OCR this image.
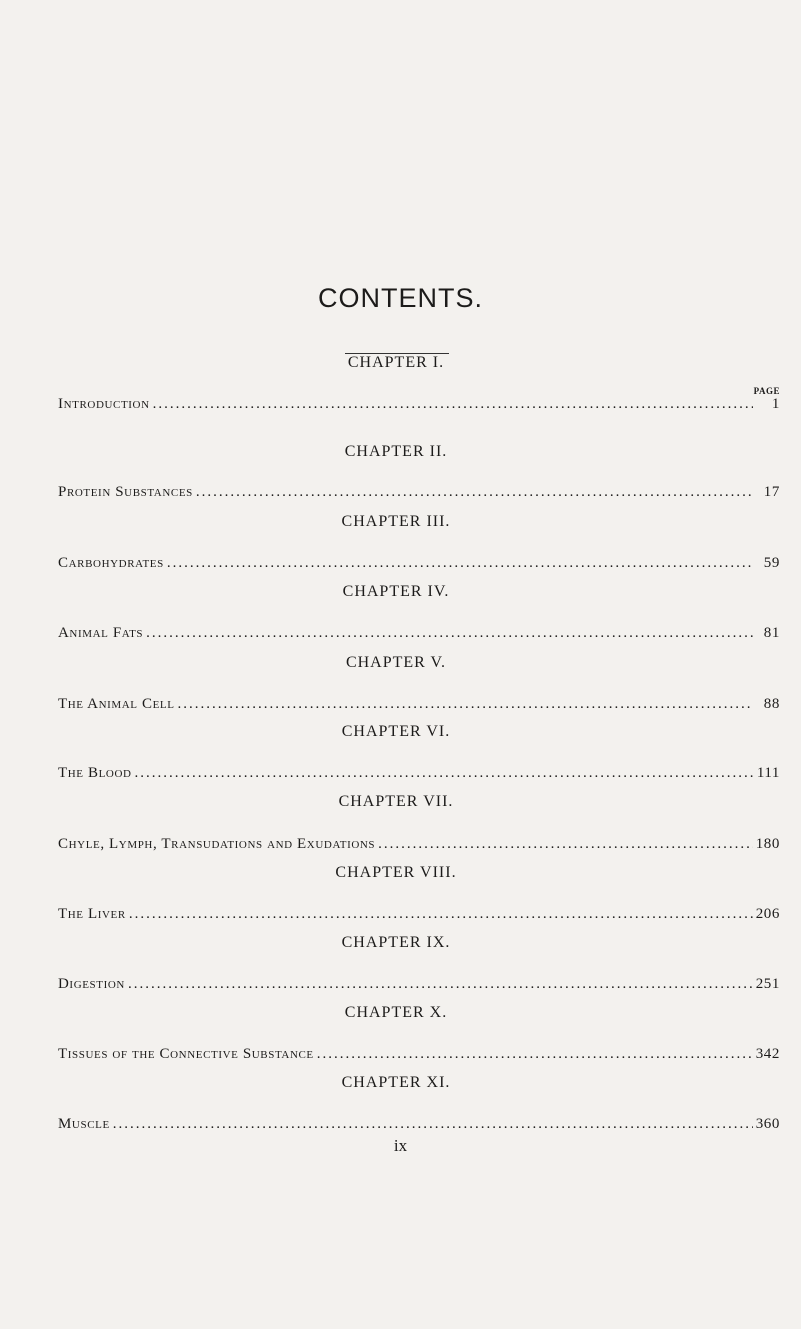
CONTENTS.
PAGE
CHAPTER I.
Introduction .....	1
CHAPTER II.
Protein Substances .....	17
CHAPTER III.
Carbohydrates .....	59
CHAPTER IV.
Animal Fats .....	81
CHAPTER V.
The Animal Cell .....	88
CHAPTER VI.
The Blood .....	111
CHAPTER VII.
Chyle, Lymph, Transudations and Exudations .....	180
CHAPTER VIII.
The Liver .....	206
CHAPTER IX.
Digestion .....	251
CHAPTER X.
Tissues of the Connective Substance .....	342
CHAPTER XI.
Muscle .....	360
ix
